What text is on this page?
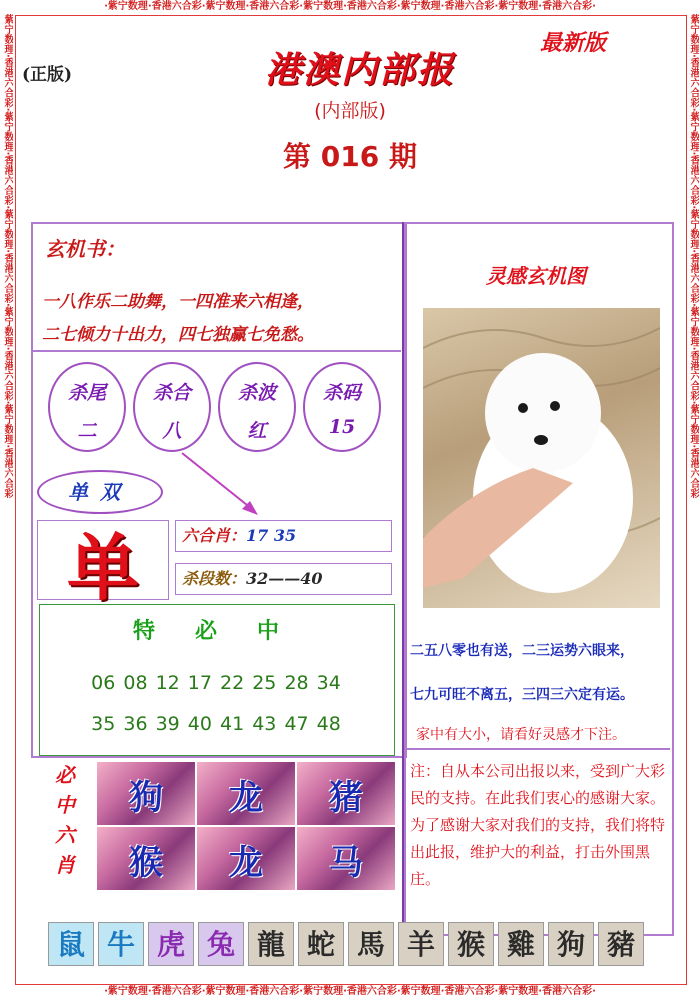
·紫宁数理·香港六合彩·紫宁数理·香港六合彩·紫宁数理·香港六合彩·紫宁数理·香港六合彩·紫宁数理·香港六合彩·
紫宁数理·香港六合彩·紫宁数理·香港六合彩·紫宁数理·香港六合彩·紫宁数理·香港六合彩·紫宁数理·香港六合彩	紫宁数理·香港六合彩·紫宁数理·香港六合彩·紫宁数理·香港六合彩·紫宁数理·香港六合彩·紫宁数理·香港六合彩
·紫宁数理·香港六合彩·紫宁数理·香港六合彩·紫宁数理·香港六合彩·紫宁数理·香港六合彩·紫宁数理·香港六合彩·
(正版)
最新版
港澳内部报
(内部版)
第 016 期
玄机书：
一八作乐二助舞，一四准来六相逢，
二七倾力十出力，四七独赢七免愁。
杀尾
二
杀合
八
杀波
红
杀码
15
单双
单	六合肖：17 35
杀段数：32——40
特必中
06 08 12 17 22 25 28 34
35 36 39 40 41 43 47 48
必中六肖
狗	龙	猪
猴	龙	马
灵感玄机图
二五八零也有送，二三运势六眼来，
七九可旺不离五，三四三六定有运。
家中有大小，请看好灵感才下注。
注：自从本公司出报以来，受到广大彩民的支持。在此我们衷心的感谢大家。为了感谢大家对我们的支持，我们将特出此报，维护大的利益，打击外围黑庄。
鼠 牛 虎 兔 龍 蛇 馬 羊 猴 雞 狗 豬
